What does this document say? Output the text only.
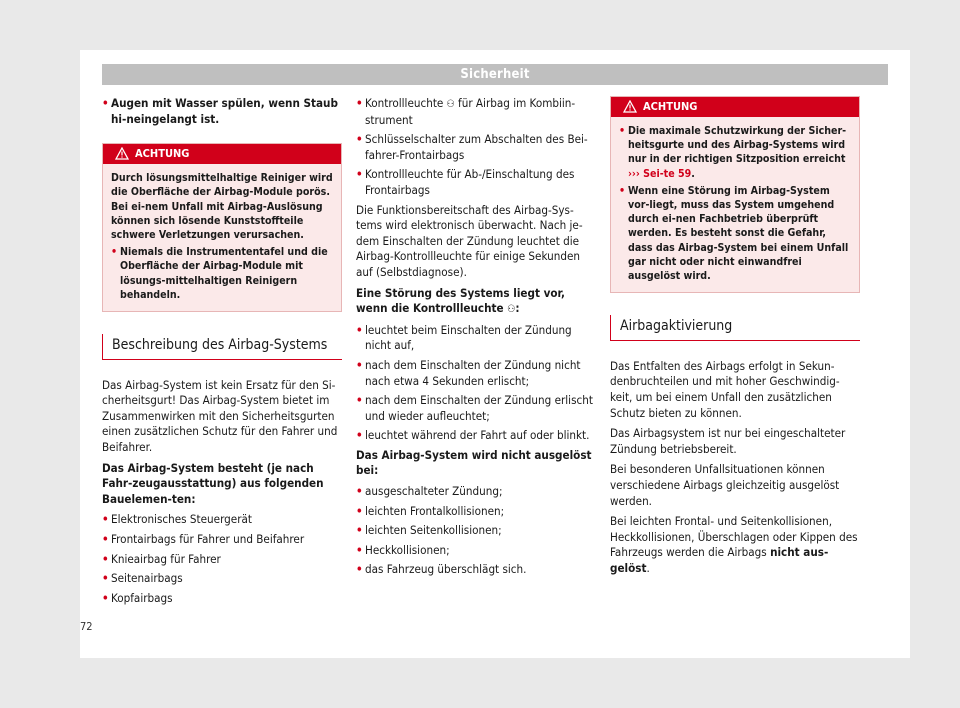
Sicherheit

• Augen mit Wasser spülen, wenn Staub hi-neingelangt ist.

ACHTUNG

Durch lösungsmittelhaltige Reiniger wird die Oberfläche der Airbag-Module porös. Bei ei-nem Unfall mit Airbag-Auslösung können sich lösende Kunststoffteile schwere Verletzungen verursachen.

• Niemals die Instrumententafel und die Oberfläche der Airbag-Module mit lösungs-mittelhaltigen Reinigern behandeln.

Beschreibung des Airbag-Systems

Das Airbag-System ist kein Ersatz für den Si-cherheitsgurt! Das Airbag-System bietet im Zusammenwirken mit den Sicherheitsgurten einen zusätzlichen Schutz für den Fahrer und Beifahrer.

Das Airbag-System besteht (je nach Fahr-zeugausstattung) aus folgenden Bauelemen-ten:

• Elektronisches Steuergerät

• Frontairbags für Fahrer und Beifahrer

• Knieairbag für Fahrer

• Seitenairbags

• Kopfairbags

• Kontrollleuchte ⚇ für Airbag im Kombiin-strument

• Schlüsselschalter zum Abschalten des Bei-fahrer-Frontairbags

• Kontrollleuchte für Ab-/Einschaltung des Frontairbags

Die Funktionsbereitschaft des Airbag-Sys-tems wird elektronisch überwacht. Nach je-dem Einschalten der Zündung leuchtet die Airbag-Kontrollleuchte für einige Sekunden auf (Selbstdiagnose).

Eine Störung des Systems liegt vor, wenn die Kontrollleuchte ⚇:

• leuchtet beim Einschalten der Zündung nicht auf,

• nach dem Einschalten der Zündung nicht nach etwa 4 Sekunden erlischt;

• nach dem Einschalten der Zündung erlischt und wieder aufleuchtet;

• leuchtet während der Fahrt auf oder blinkt.

Das Airbag-System wird nicht ausgelöst bei:

• ausgeschalteter Zündung;

• leichten Frontalkollisionen;

• leichten Seitenkollisionen;

• Heckkollisionen;

• das Fahrzeug überschlägt sich.

ACHTUNG

• Die maximale Schutzwirkung der Sicher-heitsgurte und des Airbag-Systems wird nur in der richtigen Sitzposition erreicht ››› Sei-te 59.

• Wenn eine Störung im Airbag-System vor-liegt, muss das System umgehend durch ei-nen Fachbetrieb überprüft werden. Es besteht sonst die Gefahr, dass das Airbag-System bei einem Unfall gar nicht oder nicht einwandfrei ausgelöst wird.

Airbagaktivierung

Das Entfalten des Airbags erfolgt in Sekun-denbruchteilen und mit hoher Geschwindig-keit, um bei einem Unfall den zusätzlichen Schutz bieten zu können.

Das Airbagsystem ist nur bei eingeschalteter Zündung betriebsbereit.

Bei besonderen Unfallsituationen können verschiedene Airbags gleichzeitig ausgelöst werden.

Bei leichten Frontal- und Seitenkollisionen, Heckkollisionen, Überschlagen oder Kippen des Fahrzeugs werden die Airbags nicht aus-gelöst.

72
